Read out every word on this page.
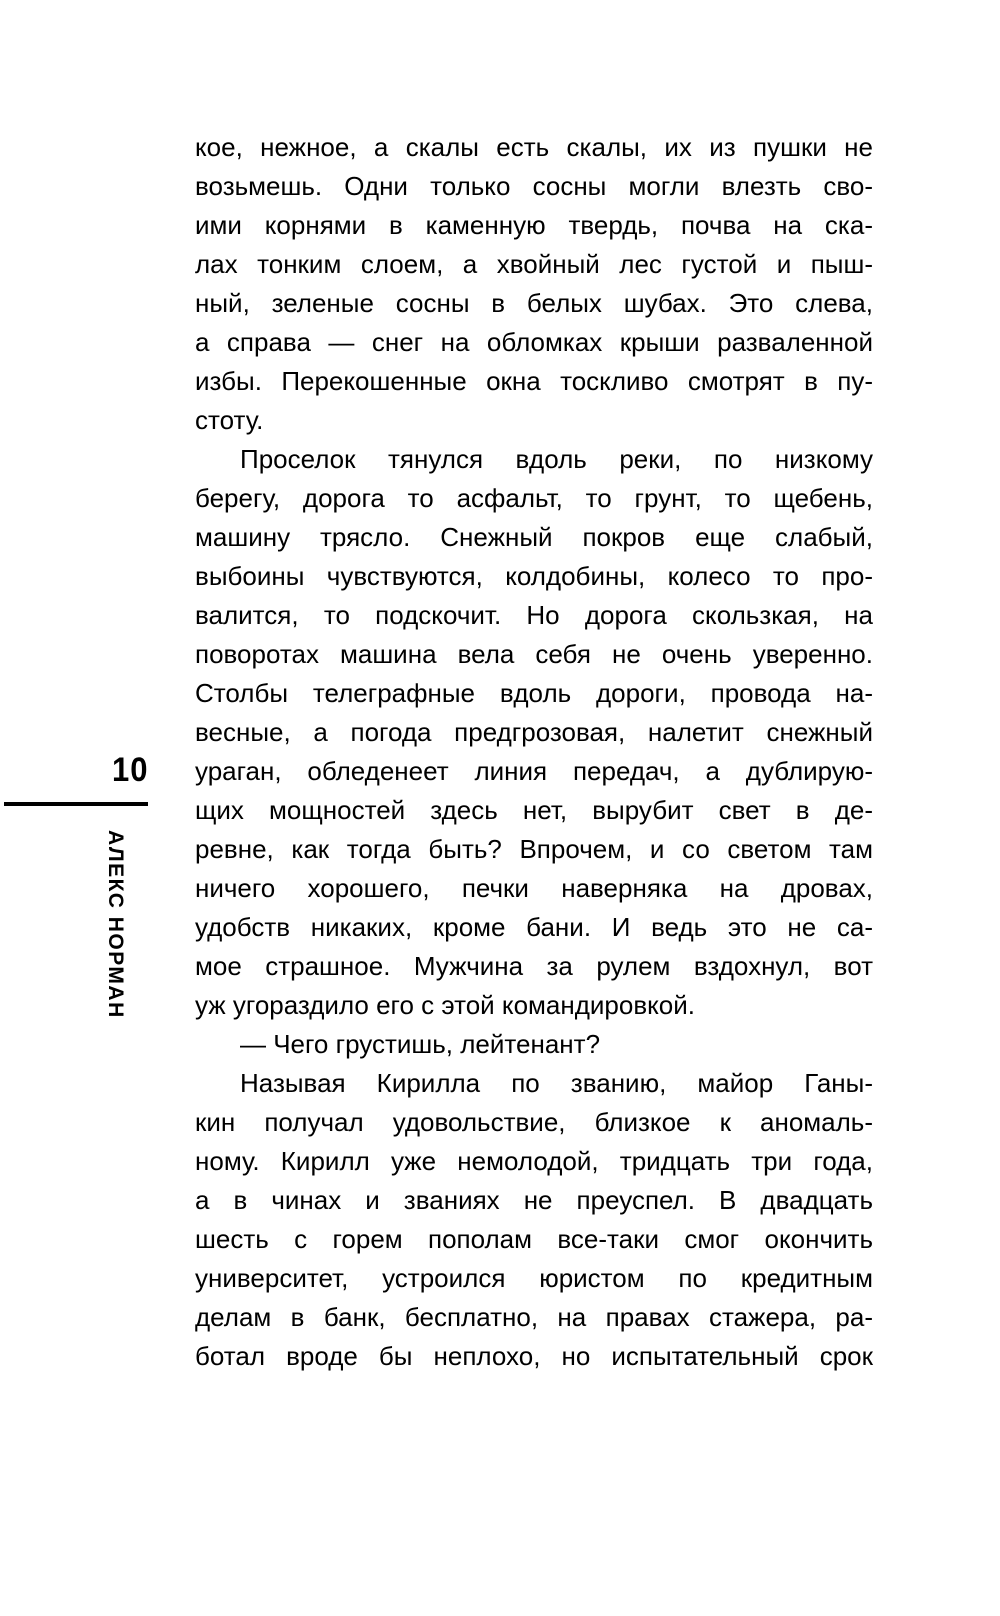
10
АЛЕКС НОРМАН
кое, нежное, а скалы есть скалы, их из пушки не
возьмешь. Одни только сосны могли влезть сво-
ими корнями в каменную твердь, почва на ска-
лах тонким слоем, а хвойный лес густой и пыш-
ный, зеленые сосны в белых шубах. Это слева,
а справа — снег на обломках крыши разваленной
избы. Перекошенные окна тоскливо смотрят в пу-
стоту.
Проселок тянулся вдоль реки, по низкому
берегу, дорога то асфальт, то грунт, то щебень,
машину трясло. Снежный покров еще слабый,
выбоины чувствуются, колдобины, колесо то про-
валится, то подскочит. Но дорога скользкая, на
поворотах машина вела себя не очень уверенно.
Столбы телеграфные вдоль дороги, провода на-
весные, а погода предгрозовая, налетит снежный
ураган, обледенеет линия передач, а дублирую-
щих мощностей здесь нет, вырубит свет в де-
ревне, как тогда быть? Впрочем, и со светом там
ничего хорошего, печки наверняка на дровах,
удобств никаких, кроме бани. И ведь это не са-
мое страшное. Мужчина за рулем вздохнул, вот
уж угораздило его с этой командировкой.
— Чего грустишь, лейтенант?
Называя Кирилла по званию, майор Ганы-
кин получал удовольствие, близкое к аномаль-
ному. Кирилл уже немолодой, тридцать три года,
а в чинах и званиях не преуспел. В двадцать
шесть с горем пополам все-таки смог окончить
университет, устроился юристом по кредитным
делам в банк, бесплатно, на правах стажера, ра-
ботал вроде бы неплохо, но испытательный срок
